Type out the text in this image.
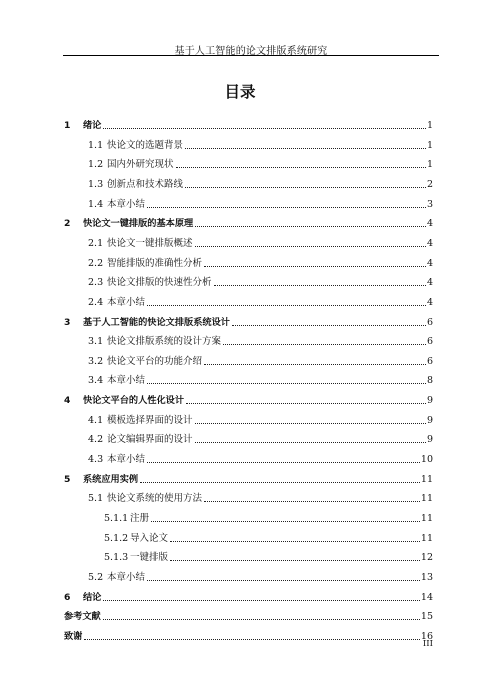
基于人工智能的论文排版系统研究
目录
1	绪论	1
1.1 快论文的选题背景	1
1.2 国内外研究现状	1
1.3 创新点和技术路线	2
1.4 本章小结	3
2	快论文一键排版的基本原理	4
2.1 快论文一键排版概述	4
2.2 智能排版的准确性分析	4
2.3 快论文排版的快速性分析	4
2.4 本章小结	4
3	基于人工智能的快论文排版系统设计	6
3.1 快论文排版系统的设计方案	6
3.2 快论文平台的功能介绍	6
3.4 本章小结	8
4	快论文平台的人性化设计	9
4.1 模板选择界面的设计	9
4.2 论文编辑界面的设计	9
4.3 本章小结	10
5	系统应用实例	11
5.1 快论文系统的使用方法	11
5.1.1 注册	11
5.1.2 导入论文	11
5.1.3 一键排版	12
5.2 本章小结	13
6	结论	14
参考文献	15
致谢	16
III
